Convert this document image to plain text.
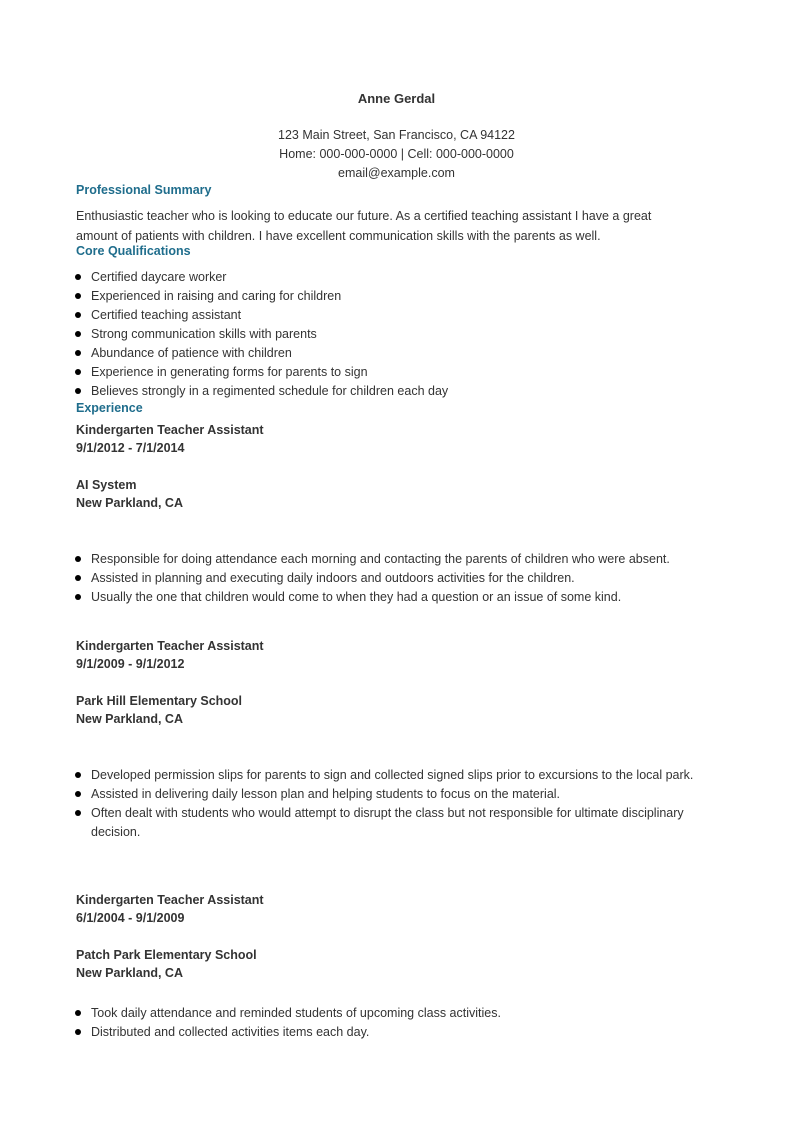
Anne Gerdal
123 Main Street, San Francisco, CA 94122
Home: 000-000-0000 | Cell: 000-000-0000
email@example.com
Professional Summary
Enthusiastic teacher who is looking to educate our future. As a certified teaching assistant I have a great amount of patients with children. I have excellent communication skills with the parents as well.
Core Qualifications
Certified daycare worker
Experienced in raising and caring for children
Certified teaching assistant
Strong communication skills with parents
Abundance of patience with children
Experience in generating forms for parents to sign
Believes strongly in a regimented schedule for children each day
Experience
Kindergarten Teacher Assistant
9/1/2012 - 7/1/2014
AI System
New Parkland, CA
Responsible for doing attendance each morning and contacting the parents of children who were absent.
Assisted in planning and executing daily indoors and outdoors activities for the children.
Usually the one that children would come to when they had a question or an issue of some kind.
Kindergarten Teacher Assistant
9/1/2009 - 9/1/2012
Park Hill Elementary School
New Parkland, CA
Developed permission slips for parents to sign and collected signed slips prior to excursions to the local park.
Assisted in delivering daily lesson plan and helping students to focus on the material.
Often dealt with students who would attempt to disrupt the class but not responsible for ultimate disciplinary decision.
Kindergarten Teacher Assistant
6/1/2004 - 9/1/2009
Patch Park Elementary School
New Parkland, CA
Took daily attendance and reminded students of upcoming class activities.
Distributed and collected activities items each day.
